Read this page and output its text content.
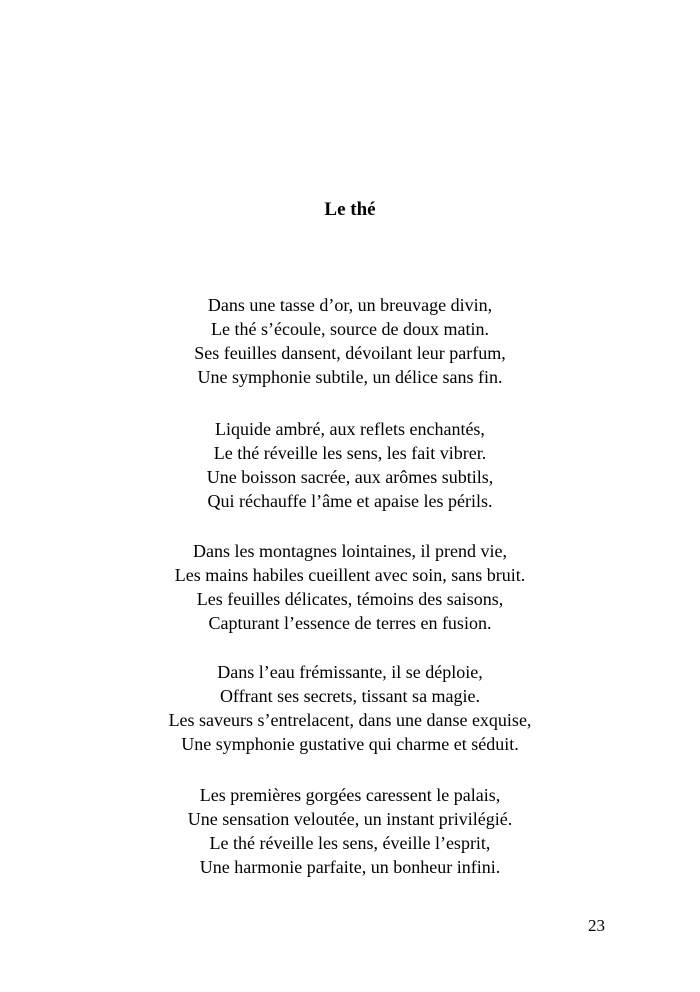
Le thé
Dans une tasse d’or, un breuvage divin,
Le thé s’écoule, source de doux matin.
Ses feuilles dansent, dévoilant leur parfum,
Une symphonie subtile, un délice sans fin.
Liquide ambré, aux reflets enchantés,
Le thé réveille les sens, les fait vibrer.
Une boisson sacrée, aux arômes subtils,
Qui réchauffe l’âme et apaise les périls.
Dans les montagnes lointaines, il prend vie,
Les mains habiles cueillent avec soin, sans bruit.
Les feuilles délicates, témoins des saisons,
Capturant l’essence de terres en fusion.
Dans l’eau frémissante, il se déploie,
Offrant ses secrets, tissant sa magie.
Les saveurs s’entrelacent, dans une danse exquise,
Une symphonie gustative qui charme et séduit.
Les premières gorgées caressent le palais,
Une sensation veloutée, un instant privilégié.
Le thé réveille les sens, éveille l’esprit,
Une harmonie parfaite, un bonheur infini.
23
